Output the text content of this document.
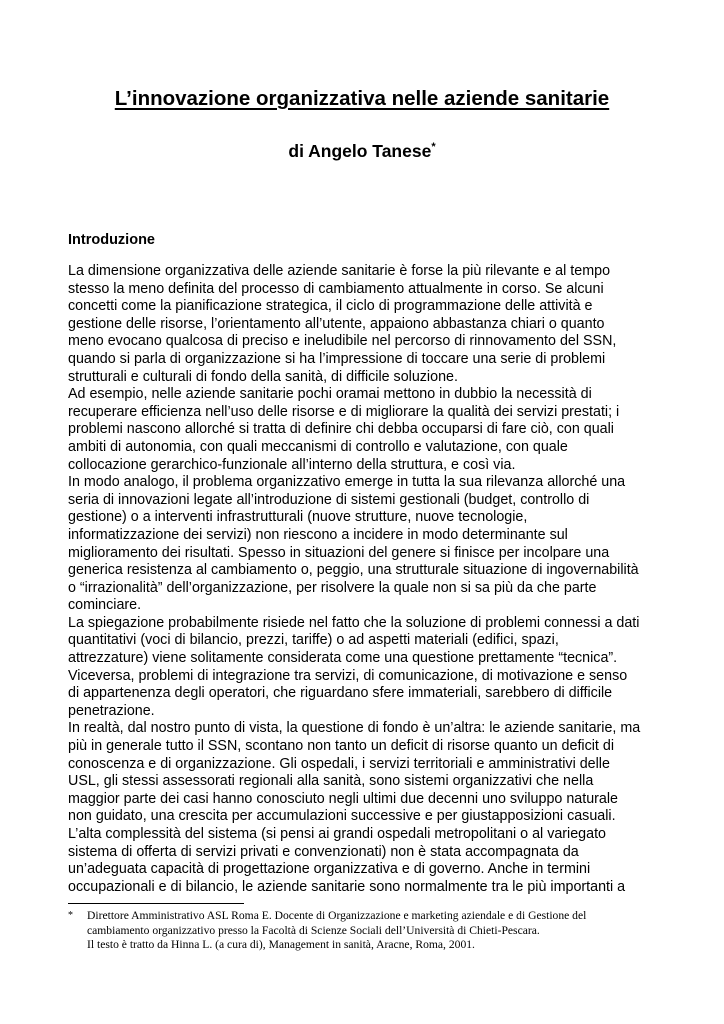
L’innovazione organizzativa nelle aziende sanitarie
di Angelo Tanese*
Introduzione
La dimensione organizzativa delle aziende sanitarie è forse la più rilevante e al tempo
stesso la meno definita del processo di cambiamento attualmente in corso. Se alcuni
concetti come la pianificazione strategica, il ciclo di programmazione delle attività e
gestione delle risorse, l’orientamento all’utente, appaiono abbastanza chiari o quanto
meno evocano qualcosa di preciso e ineludibile nel percorso di rinnovamento del SSN,
quando si parla di organizzazione si ha l’impressione di toccare una serie di problemi
strutturali e culturali di fondo della sanità, di difficile soluzione.
Ad esempio, nelle aziende sanitarie pochi oramai mettono in dubbio la necessità di
recuperare efficienza nell’uso delle risorse e di migliorare la qualità dei servizi prestati; i
problemi nascono allorché si tratta di definire chi debba occuparsi di fare ciò, con quali
ambiti di autonomia, con quali meccanismi di controllo e valutazione, con quale
collocazione gerarchico-funzionale all’interno della struttura, e così via.
In modo analogo, il problema organizzativo emerge in tutta la sua rilevanza allorché una
seria di innovazioni legate all’introduzione di sistemi gestionali (budget, controllo di
gestione) o a interventi infrastrutturali (nuove strutture, nuove tecnologie,
informatizzazione dei servizi) non riescono a incidere in modo determinante sul
miglioramento dei risultati. Spesso in situazioni del genere si finisce per incolpare una
generica resistenza al cambiamento o, peggio, una strutturale situazione di ingovernabilità
o “irrazionalità” dell’organizzazione, per risolvere la quale non si sa più da che parte
cominciare.
La spiegazione probabilmente risiede nel fatto che la soluzione di problemi connessi a dati
quantitativi (voci di bilancio, prezzi, tariffe) o ad aspetti materiali (edifici, spazi,
attrezzature) viene solitamente considerata come una questione prettamente “tecnica”.
Viceversa, problemi di integrazione tra servizi, di comunicazione, di motivazione e senso
di appartenenza degli operatori, che riguardano sfere immateriali, sarebbero di difficile
penetrazione.
In realtà, dal nostro punto di vista, la questione di fondo è un’altra: le aziende sanitarie, ma
più in generale tutto il SSN, scontano non tanto un deficit di risorse quanto un deficit di
conoscenza e di organizzazione. Gli ospedali, i servizi territoriali e amministrativi delle
USL, gli stessi assessorati regionali alla sanità, sono sistemi organizzativi che nella
maggior parte dei casi hanno conosciuto negli ultimi due decenni uno sviluppo naturale
non guidato, una crescita per accumulazioni successive e per giustapposizioni casuali.
L’alta complessità del sistema (si pensi ai grandi ospedali metropolitani o al variegato
sistema di offerta di servizi privati e convenzionati) non è stata accompagnata da
un’adeguata capacità di progettazione organizzativa e di governo. Anche in termini
occupazionali e di bilancio, le aziende sanitarie sono normalmente tra le più importanti a
* Direttore Amministrativo ASL Roma E. Docente di Organizzazione e marketing aziendale e di Gestione del
cambiamento organizzativo presso la Facoltà di Scienze Sociali dell’Università di Chieti-Pescara.
Il testo è tratto da Hinna L. (a cura di), Management in sanità, Aracne, Roma, 2001.
